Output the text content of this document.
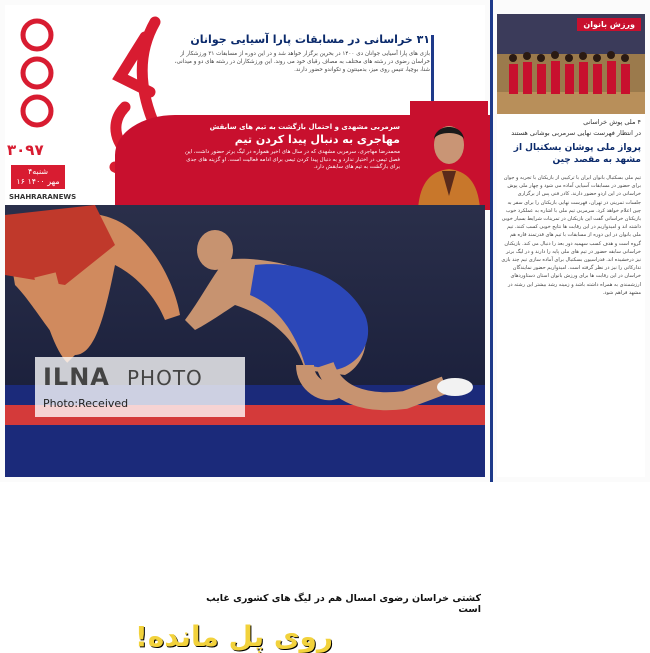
۳۰۹۷
۴شنبه
۱۶ مهر ۱۴۰۰
SHAHRARANEWS

۳۱ خراسانی در مسابقات پارا آسیایی جوانان

بازی های پارا آسیایی جوانان دی ۱۴۰۰ در بحرین برگزار خواهد شد و در این دوره از مسابقات ۳۱ ورزشکار از خراسان رضوی در رشته های مختلف به مصاف رقبای خود می روند. این ورزشکاران در رشته های دو و میدانی، شنا، بوچیا، تنیس روی میز، بدمینتون و تکواندو حضور دارند.

سرمربی مشهدی و احتمال بازگشت به تیم های سابقش

مهاجری به دنبال پیدا کردن تیم

محمدرضا مهاجری، سرمربی مشهدی که در سال های اخیر همواره در لیگ برتر حضور داشت، این فصل تیمی در اختیار ندارد و به دنبال پیدا کردن تیمی برای ادامه فعالیت است. او گزینه های جدی برای بازگشت به تیم های سابقش دارد.

کشتی خراسان رضوی امسال هم در لیگ های کشوری غایب است
روی پل مانده!
ILNA PHOTO
Photo:Received
ورزش بانوان
۴ ملی پوش خراسانی
در انتظار فهرست نهایی سرمربی بوشانی هستند

پرواز ملی پوشان بسکتبال از مشهد به مقصد چین

تیم ملی بسکتبال بانوان ایران با ترکیبی از بازیکنان با تجربه و جوان برای حضور در مسابقات آسیایی آماده می شود و چهار ملی پوش خراسانی در این اردو حضور دارند. کادر فنی پس از برگزاری جلسات تمرینی در تهران، فهرست نهایی بازیکنان را برای سفر به چین اعلام خواهد کرد. سرمربی تیم ملی با اشاره به عملکرد خوب بازیکنان خراسانی گفت این بازیکنان در تمرینات شرایط بسیار خوبی داشته اند و امیدواریم در این رقابت ها نتایج خوبی کسب کنند. تیم ملی بانوان در این دوره از مسابقات با تیم های قدرتمند قاره هم گروه است و هدف کسب سهمیه دور بعد را دنبال می کند. بازیکنان خراسانی سابقه حضور در تیم های ملی پایه را دارند و در لیگ برتر نیز درخشیده اند. فدراسیون بسکتبال برای آماده سازی تیم چند بازی تدارکاتی را نیز در نظر گرفته است. امیدواریم حضور نمایندگان خراسان در این رقابت ها برای ورزش بانوان استان دستاوردهای ارزشمندی به همراه داشته باشد و زمینه رشد بیشتر این رشته در مشهد فراهم شود.
